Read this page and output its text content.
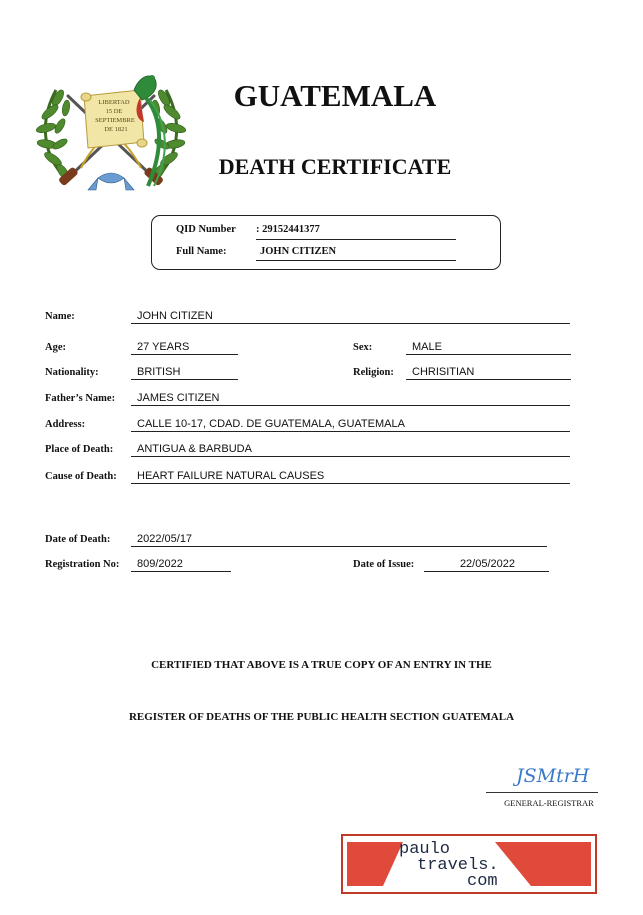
LIBERTAD
15 DE
SEPTIEMBRE
DE 1821
GUATEMALA
DEATH CERTIFICATE
QID Number : 29152441377
Full Name:	JOHN CITIZEN
Name:	JOHN CITIZEN
Age:	27 YEARS	Sex:	MALE
Nationality:	BRITISH	Religion:	CHRISITIAN
Father’s Name:	JAMES CITIZEN
Address:	CALLE 10-17, CDAD. DE GUATEMALA, GUATEMALA
Place of Death:	ANTIGUA & BARBUDA
Cause of Death:	HEART FAILURE NATURAL CAUSES
Date of Death:	2022/05/17
Registration No:	809/2022	Date of Issue:	22/05/2022
CERTIFIED THAT ABOVE IS A TRUE COPY OF AN ENTRY IN THE
REGISTER OF DEATHS OF THE PUBLIC HEALTH SECTION GUATEMALA
JSMtrH
GENERAL-REGISTRAR
paulo
travels.
com
